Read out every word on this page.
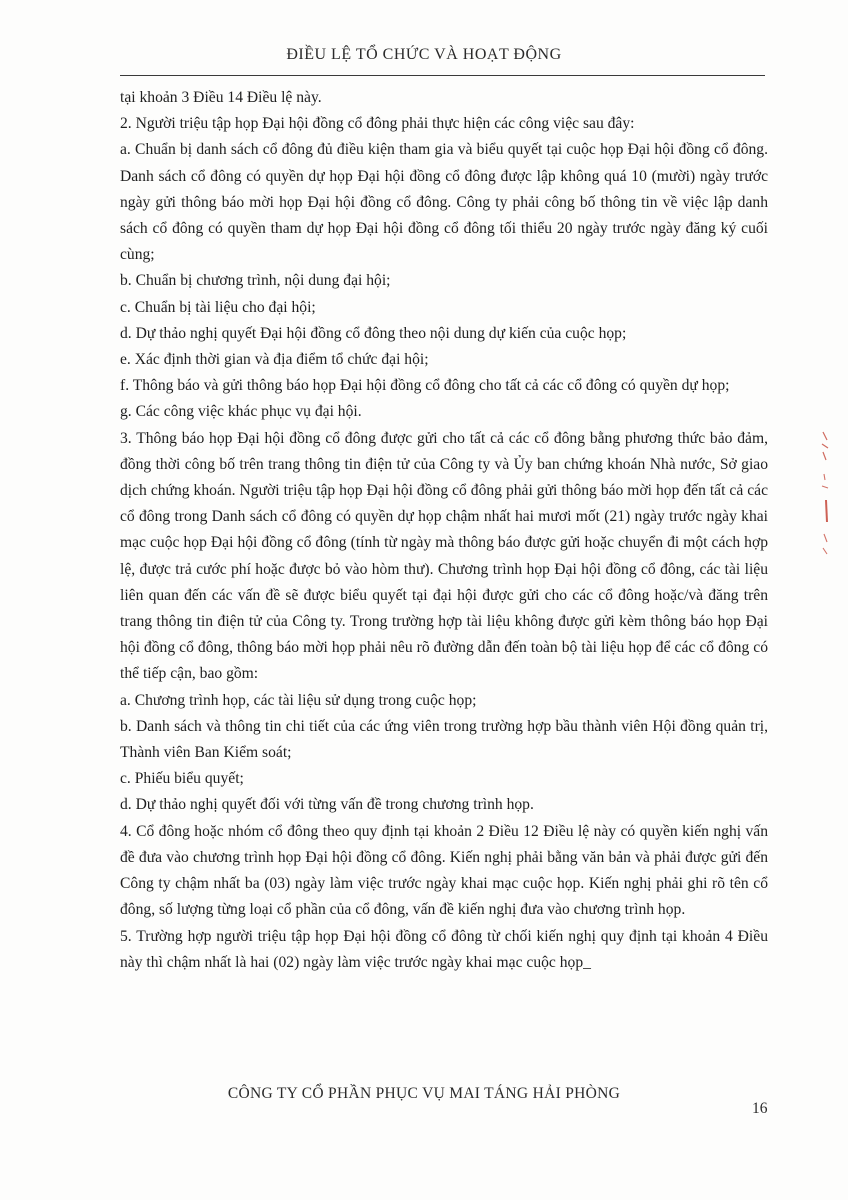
ĐIỀU LỆ TỔ CHỨC VÀ HOẠT ĐỘNG

tại khoản 3 Điều 14 Điều lệ này.

2. Người triệu tập họp Đại hội đồng cổ đông phải thực hiện các công việc sau đây:

a. Chuẩn bị danh sách cổ đông đủ điều kiện tham gia và biểu quyết tại cuộc họp Đại hội đồng cổ đông. Danh sách cổ đông có quyền dự họp Đại hội đồng cổ đông được lập không quá 10 (mười) ngày trước ngày gửi thông báo mời họp Đại hội đồng cổ đông. Công ty phải công bố thông tin về việc lập danh sách cổ đông có quyền tham dự họp Đại hội đồng cổ đông tối thiểu 20 ngày trước ngày đăng ký cuối cùng;

b. Chuẩn bị chương trình, nội dung đại hội;

c. Chuẩn bị tài liệu cho đại hội;

d. Dự thảo nghị quyết Đại hội đồng cổ đông theo nội dung dự kiến của cuộc họp;

e. Xác định thời gian và địa điểm tổ chức đại hội;

f. Thông báo và gửi thông báo họp Đại hội đồng cổ đông cho tất cả các cổ đông có quyền dự họp;

g. Các công việc khác phục vụ đại hội.

3. Thông báo họp Đại hội đồng cổ đông được gửi cho tất cả các cổ đông bằng phương thức bảo đảm, đồng thời công bố trên trang thông tin điện tử của Công ty và Ủy ban chứng khoán Nhà nước, Sở giao dịch chứng khoán. Người triệu tập họp Đại hội đồng cổ đông phải gửi thông báo mời họp đến tất cả các cổ đông trong Danh sách cổ đông có quyền dự họp chậm nhất hai mươi mốt (21) ngày trước ngày khai mạc cuộc họp Đại hội đồng cổ đông (tính từ ngày mà thông báo được gửi hoặc chuyển đi một cách hợp lệ, được trả cước phí hoặc được bỏ vào hòm thư). Chương trình họp Đại hội đồng cổ đông, các tài liệu liên quan đến các vấn đề sẽ được biểu quyết tại đại hội được gửi cho các cổ đông hoặc/và đăng trên trang thông tin điện tử của Công ty. Trong trường hợp tài liệu không được gửi kèm thông báo họp Đại hội đồng cổ đông, thông báo mời họp phải nêu rõ đường dẫn đến toàn bộ tài liệu họp để các cổ đông có thể tiếp cận, bao gồm:

a. Chương trình họp, các tài liệu sử dụng trong cuộc họp;

b. Danh sách và thông tin chi tiết của các ứng viên trong trường hợp bầu thành viên Hội đồng quản trị, Thành viên Ban Kiểm soát;

c. Phiếu biểu quyết;

d. Dự thảo nghị quyết đối với từng vấn đề trong chương trình họp.

4. Cổ đông hoặc nhóm cổ đông theo quy định tại khoản 2 Điều 12 Điều lệ này có quyền kiến nghị vấn đề đưa vào chương trình họp Đại hội đồng cổ đông. Kiến nghị phải bằng văn bản và phải được gửi đến Công ty chậm nhất ba (03) ngày làm việc trước ngày khai mạc cuộc họp. Kiến nghị phải ghi rõ tên cổ đông, số lượng từng loại cổ phần của cổ đông, vấn đề kiến nghị đưa vào chương trình họp.

5. Trường hợp người triệu tập họp Đại hội đồng cổ đông từ chối kiến nghị quy định tại khoản 4 Điều này thì chậm nhất là hai (02) ngày làm việc trước ngày khai mạc cuộc họp_

CÔNG TY CỔ PHẦN PHỤC VỤ MAI TÁNG HẢI PHÒNG
16
